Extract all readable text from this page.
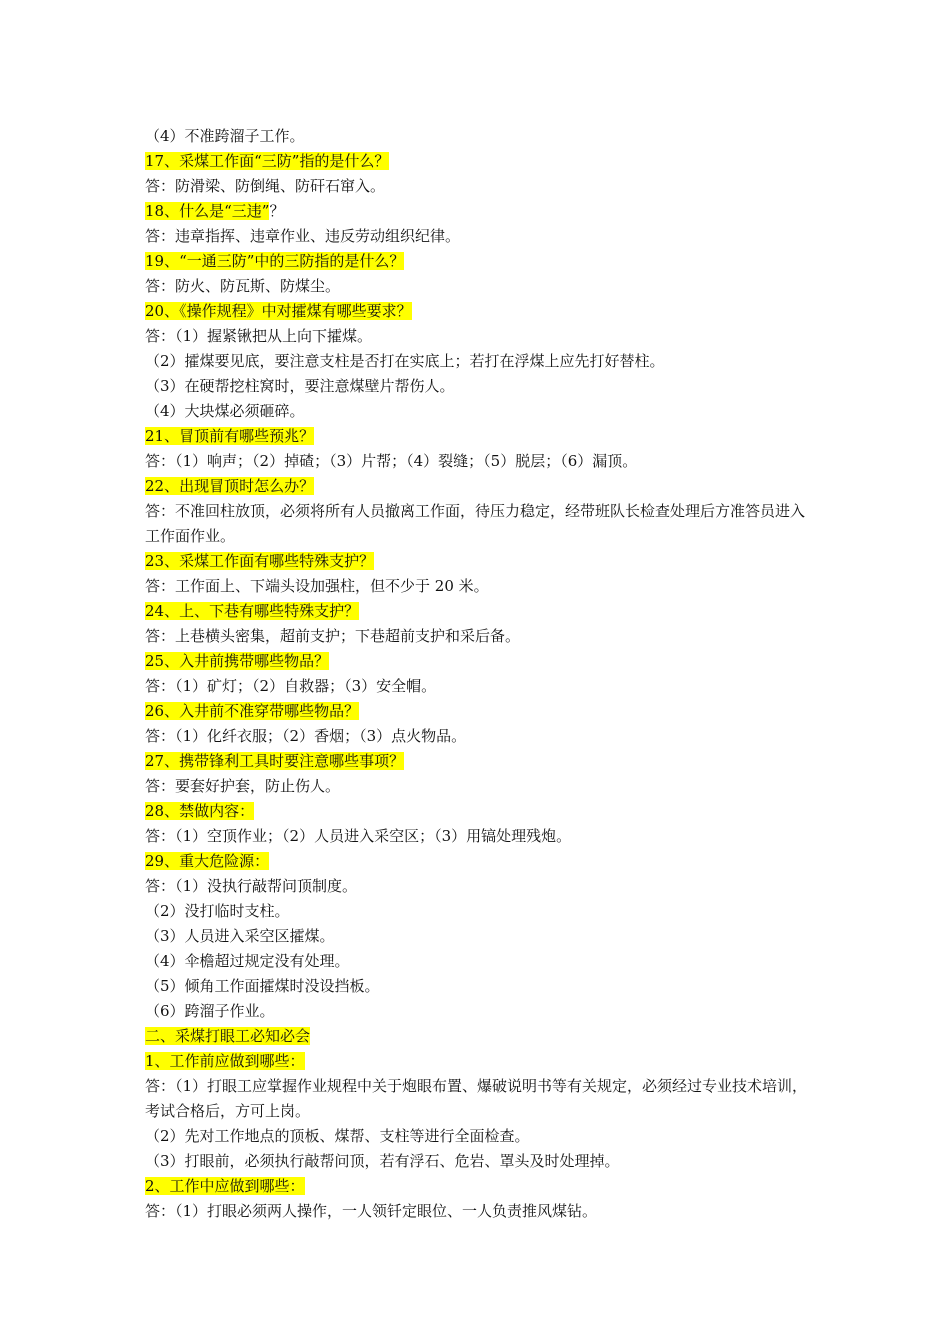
（4）不准跨溜子工作。

17、采煤工作面“三防”指的是什么？

答：防滑梁、防倒绳、防矸石窜入。

18、什么是“三违”？

答：违章指挥、违章作业、违反劳动组织纪律。

19、“一通三防”中的三防指的是什么？

答：防火、防瓦斯、防煤尘。

20、《操作规程》中对攉煤有哪些要求？

答：（1）握紧锹把从上向下攉煤。

（2）攉煤要见底，要注意支柱是否打在实底上；若打在浮煤上应先打好替柱。

（3）在硬帮挖柱窝时，要注意煤壁片帮伤人。

（4）大块煤必须砸碎。

21、冒顶前有哪些预兆？

答：（1）响声；（2）掉碴；（3）片帮；（4）裂缝；（5）脱层；（6）漏顶。

22、出现冒顶时怎么办？

答：不准回柱放顶，必须将所有人员撤离工作面，待压力稳定，经带班队长检查处理后方准答员进入工作面作业。

23、采煤工作面有哪些特殊支护？

答：工作面上、下端头设加强柱，但不少于 20 米。

24、上、下巷有哪些特殊支护？

答：上巷横头密集，超前支护；下巷超前支护和采后备。

25、入井前携带哪些物品？

答：（1）矿灯；（2）自救器；（3）安全帽。

26、入井前不准穿带哪些物品？

答：（1）化纤衣服；（2）香烟；（3）点火物品。

27、携带锋利工具时要注意哪些事项？

答：要套好护套，防止伤人。

28、禁做内容：

答：（1）空顶作业；（2）人员进入采空区；（3）用镐处理残炮。

29、重大危险源：

答：（1）没执行敲帮问顶制度。

（2）没打临时支柱。

（3）人员进入采空区攉煤。

（4）伞檐超过规定没有处理。

（5）倾角工作面攉煤时没设挡板。

（6）跨溜子作业。

二、采煤打眼工必知必会

1、工作前应做到哪些：

答：（1）打眼工应掌握作业规程中关于炮眼布置、爆破说明书等有关规定，必须经过专业技术培训，考试合格后，方可上岗。

（2）先对工作地点的顶板、煤帮、支柱等进行全面检查。

（3）打眼前，必须执行敲帮问顶，若有浮石、危岩、罩头及时处理掉。

2、工作中应做到哪些：

答：（1）打眼必须两人操作，一人领钎定眼位、一人负责推风煤钻。
